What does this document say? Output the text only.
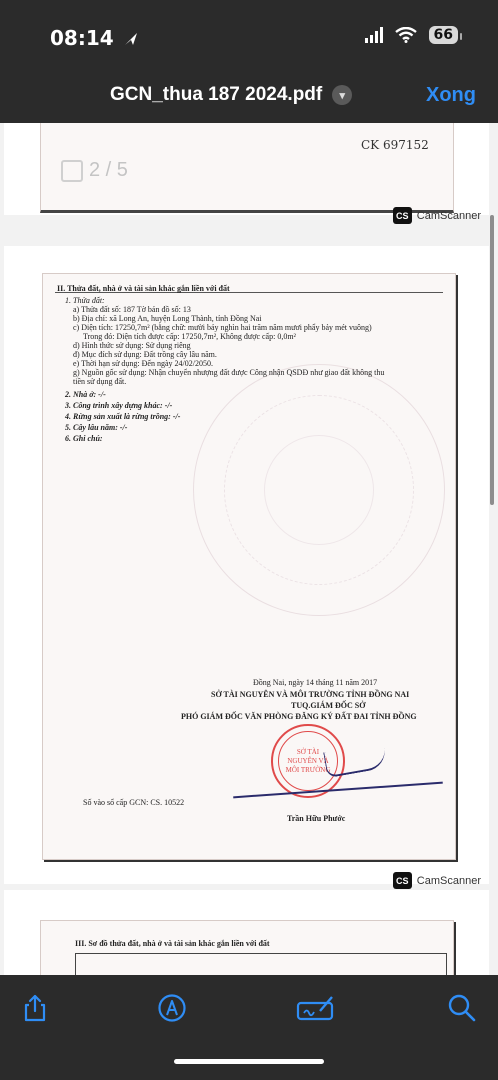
08:14	66
GCN_thua 187 2024.pdf	▾	Xong
CK 697152
2 / 5
CS CamScanner
II. Thửa đất, nhà ở và tài sản khác gắn liền với đất
1. Thửa đất:
a) Thửa đất số: 187 Tờ bản đồ số: 13
b) Địa chỉ: xã Long An, huyện Long Thành, tỉnh Đồng Nai
c) Diện tích: 17250,7m² (bằng chữ: mười bảy nghìn hai trăm năm mươi phẩy bảy mét vuông)
Trong đó: Diện tích được cấp: 17250,7m², Không được cấp: 0,0m²
d) Hình thức sử dụng: Sử dụng riêng
đ) Mục đích sử dụng: Đất trồng cây lâu năm.
e) Thời hạn sử dụng: Đến ngày 24/02/2050.
g) Nguồn gốc sử dụng: Nhận chuyển nhượng đất được Công nhận QSDĐ như giao đất không thu
tiền sử dụng đất.
2. Nhà ở: -/-
3. Công trình xây dựng khác: -/-
4. Rừng sản xuất là rừng trồng: -/-
5. Cây lâu năm: -/-
6. Ghi chú:
Đồng Nai, ngày 14 tháng 11 năm 2017
SỞ TÀI NGUYÊN VÀ MÔI TRƯỜNG TỈNH ĐỒNG NAI
TUQ.GIÁM ĐỐC SỞ
PHÓ GIÁM ĐỐC VĂN PHÒNG ĐĂNG KÝ ĐẤT ĐAI TỈNH ĐỒNG
SỞ TÀI NGUYÊN VÀ MÔI TRƯỜNG
Số vào sổ cấp GCN: CS. 10522
Trần Hữu Phước
CS CamScanner
III. Sơ đồ thửa đất, nhà ở và tài sản khác gắn liền với đất
